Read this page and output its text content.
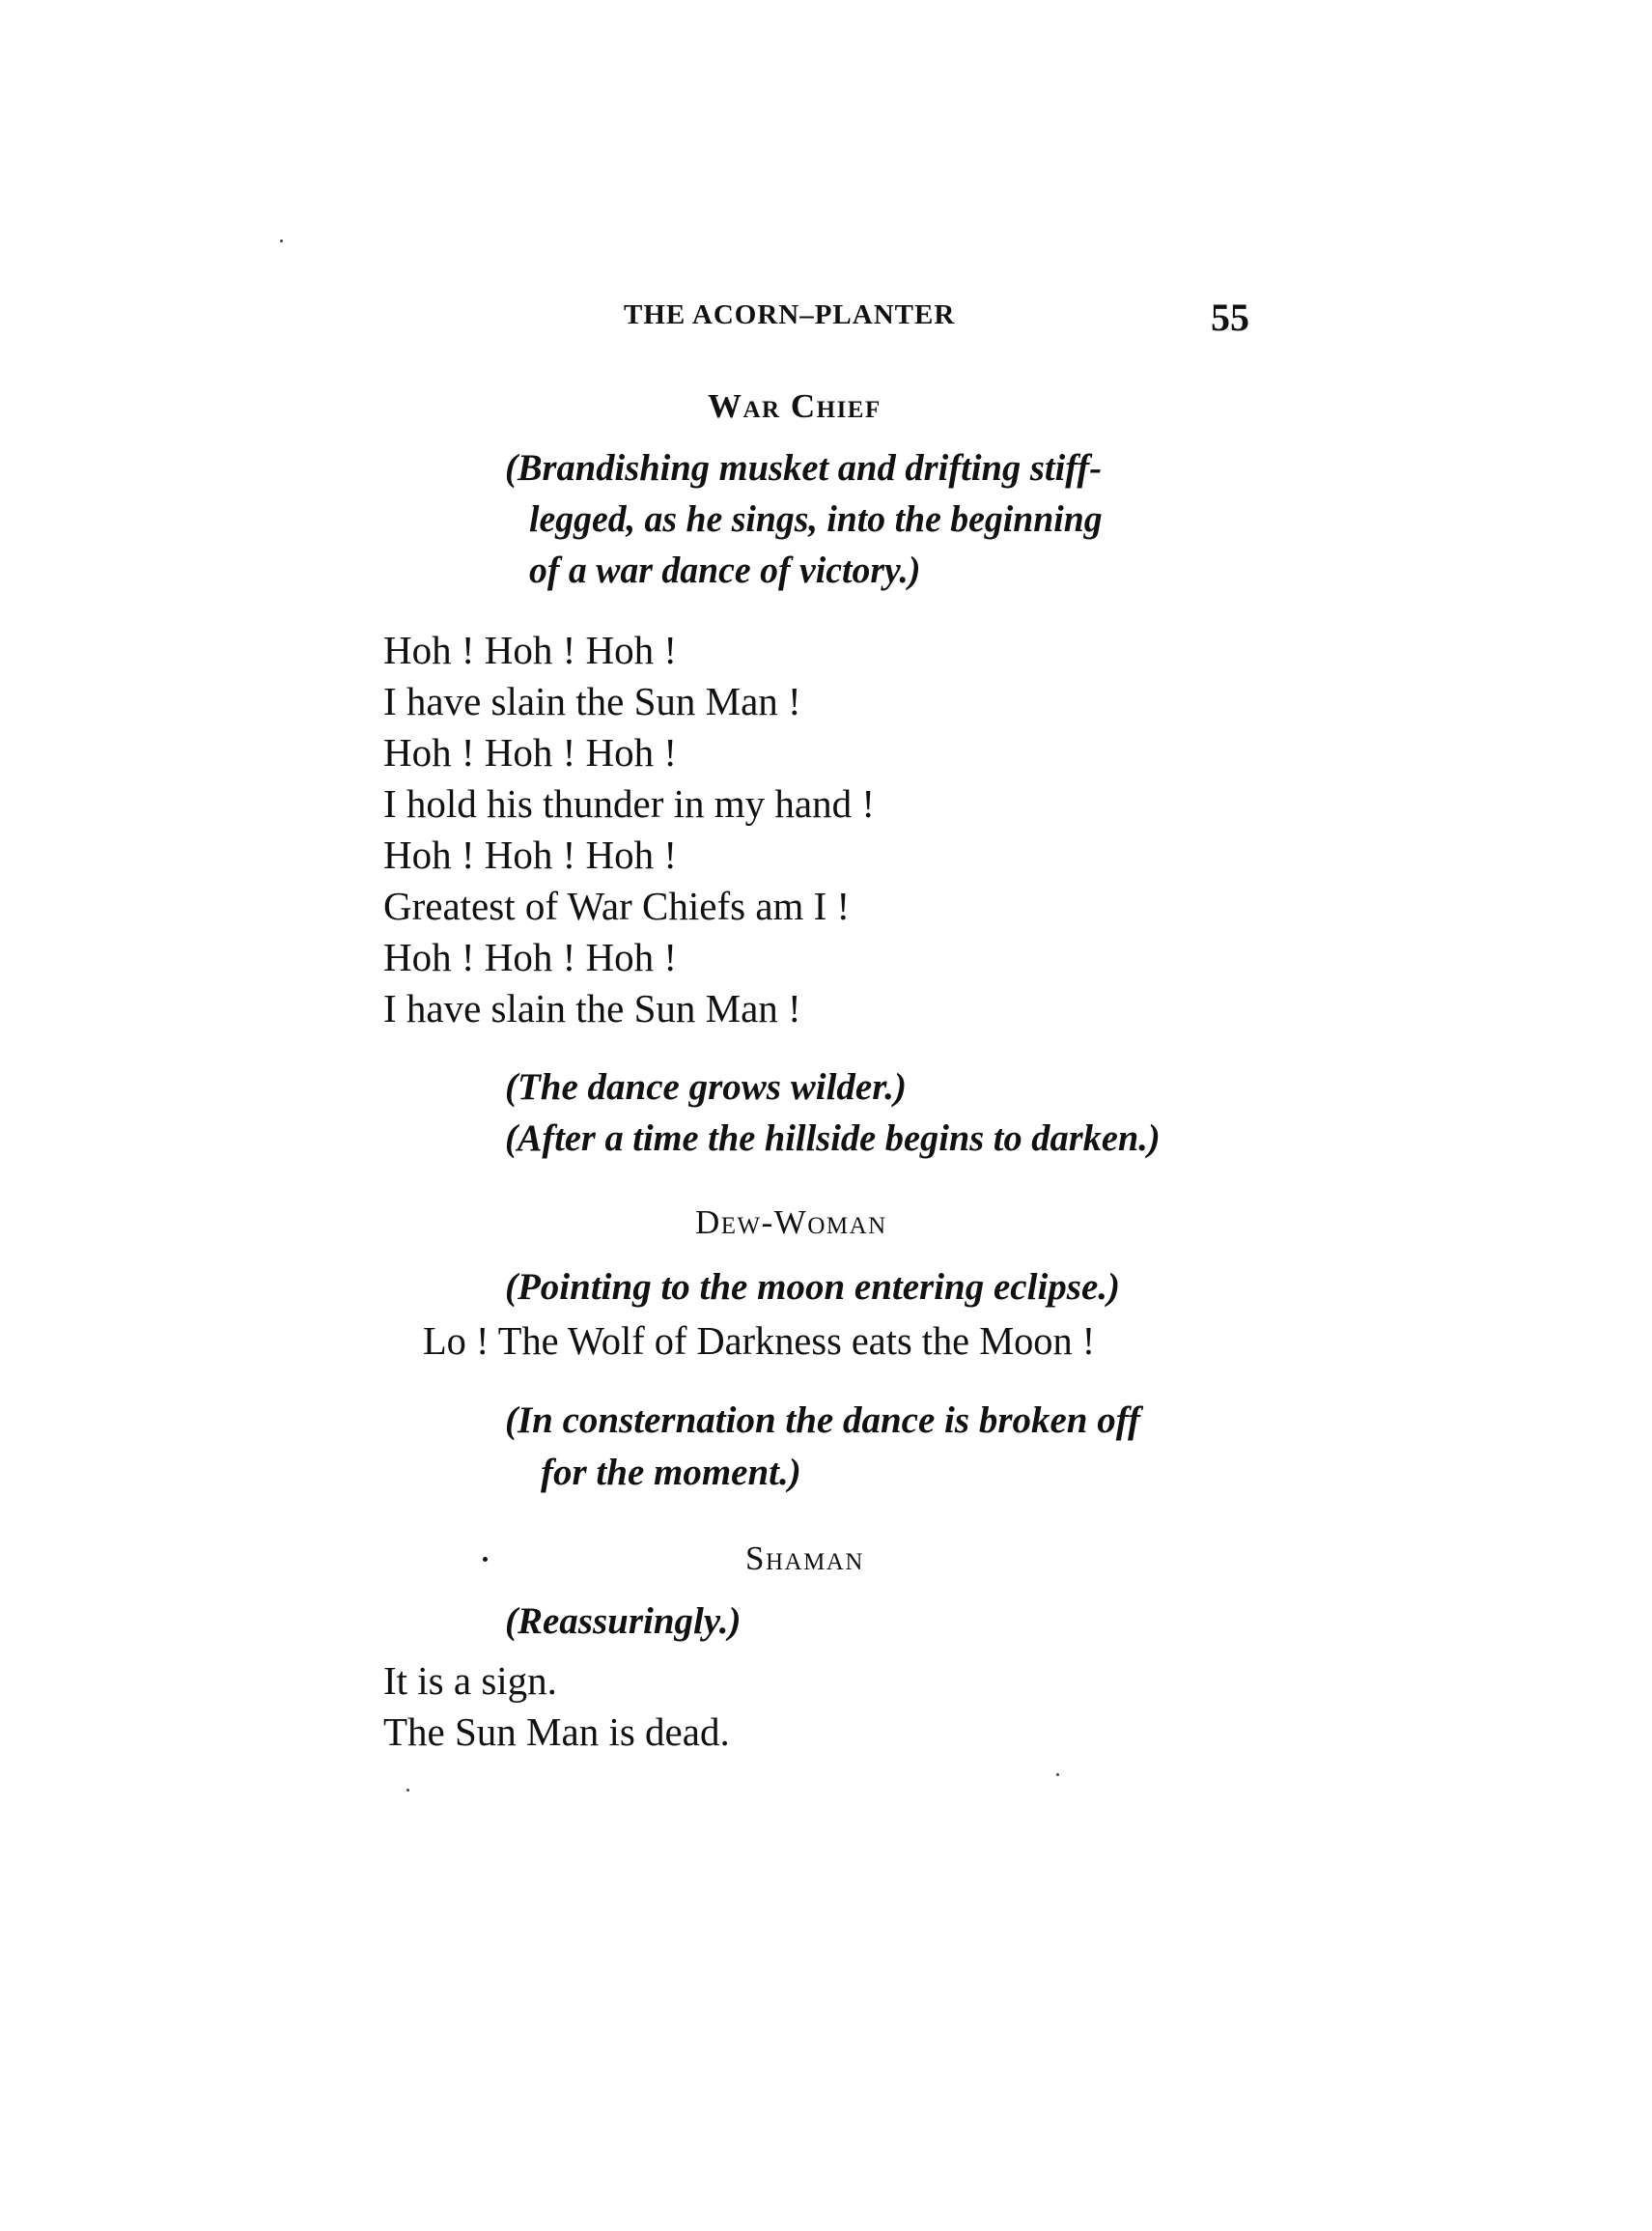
THE ACORN–PLANTER	55
War Chief
(Brandishing musket and drifting stiff-
legged, as he sings, into the beginning
of a war dance of victory.)
Hoh ! Hoh ! Hoh !
I have slain the Sun Man !
Hoh ! Hoh ! Hoh !
I hold his thunder in my hand !
Hoh ! Hoh ! Hoh !
Greatest of War Chiefs am I !
Hoh ! Hoh ! Hoh !
I have slain the Sun Man !
(The dance grows wilder.)
(After a time the hillside begins to darken.)
Dew-Woman
(Pointing to the moon entering eclipse.)
Lo ! The Wolf of Darkness eats the Moon !
(In consternation the dance is broken off
for the moment.)
Shaman
(Reassuringly.)
It is a sign.
The Sun Man is dead.
